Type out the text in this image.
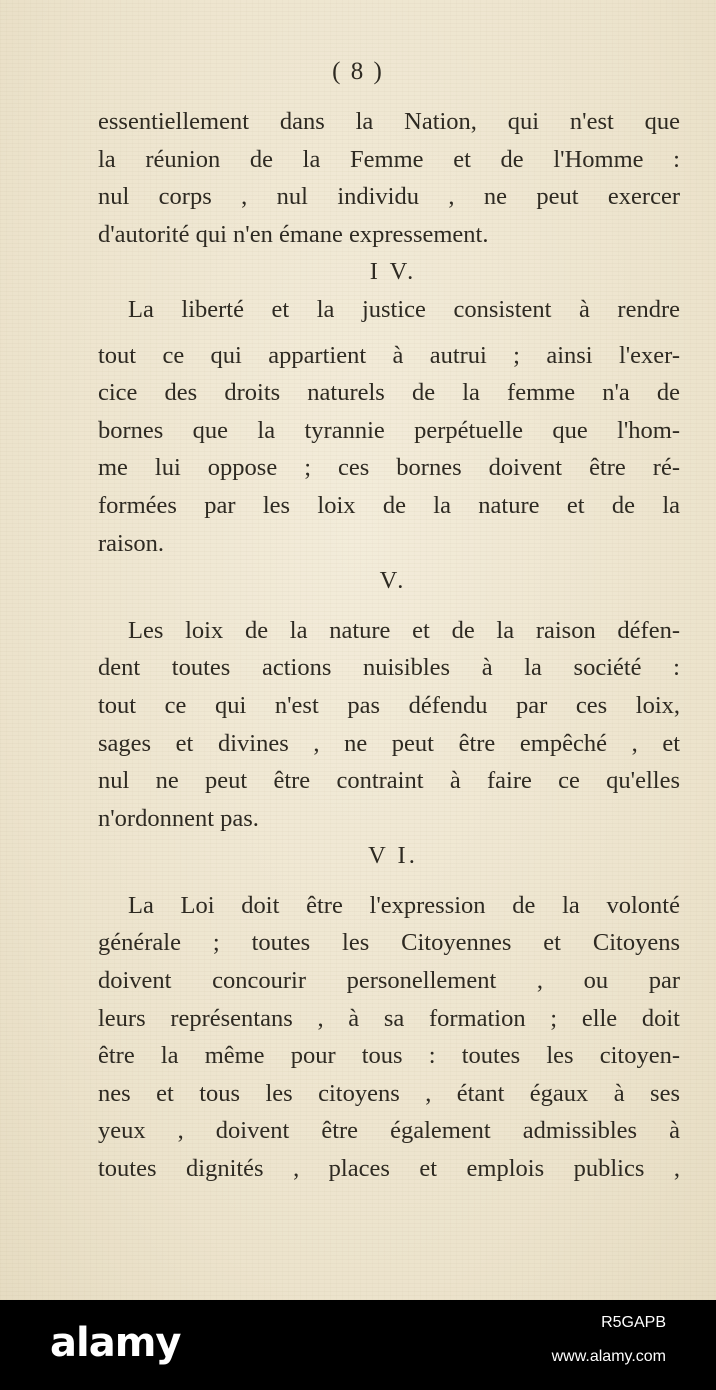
( 8 )
essentiellement dans la Nation, qui n'est que
la réunion de la Femme et de l'Homme :
nul corps , nul individu , ne peut exercer
d'autorité qui n'en émane expressement.
I V.
La liberté et la justice consistent à rendre
tout ce qui appartient à autrui ; ainsi l'exer-
cice des droits naturels de la femme n'a de
bornes que la tyrannie perpétuelle que l'hom-
me lui oppose ; ces bornes doivent être ré-
formées par les loix de la nature et de la
raison.
V.
Les loix de la nature et de la raison défen-
dent toutes actions nuisibles à la société :
tout ce qui n'est pas défendu par ces loix,
sages et divines , ne peut être empêché , et
nul ne peut être contraint à faire ce qu'elles
n'ordonnent pas.
V I.
La Loi doit être l'expression de la volonté
générale ; toutes les Citoyennes et Citoyens
doivent concourir personellement , ou par
leurs représentans , à sa formation ; elle doit
être la même pour tous : toutes les citoyen-
nes et tous les citoyens , étant égaux à ses
yeux , doivent être également admissibles à
toutes dignités , places et emplois publics ,
alamy	R5GAPB
www.alamy.com
